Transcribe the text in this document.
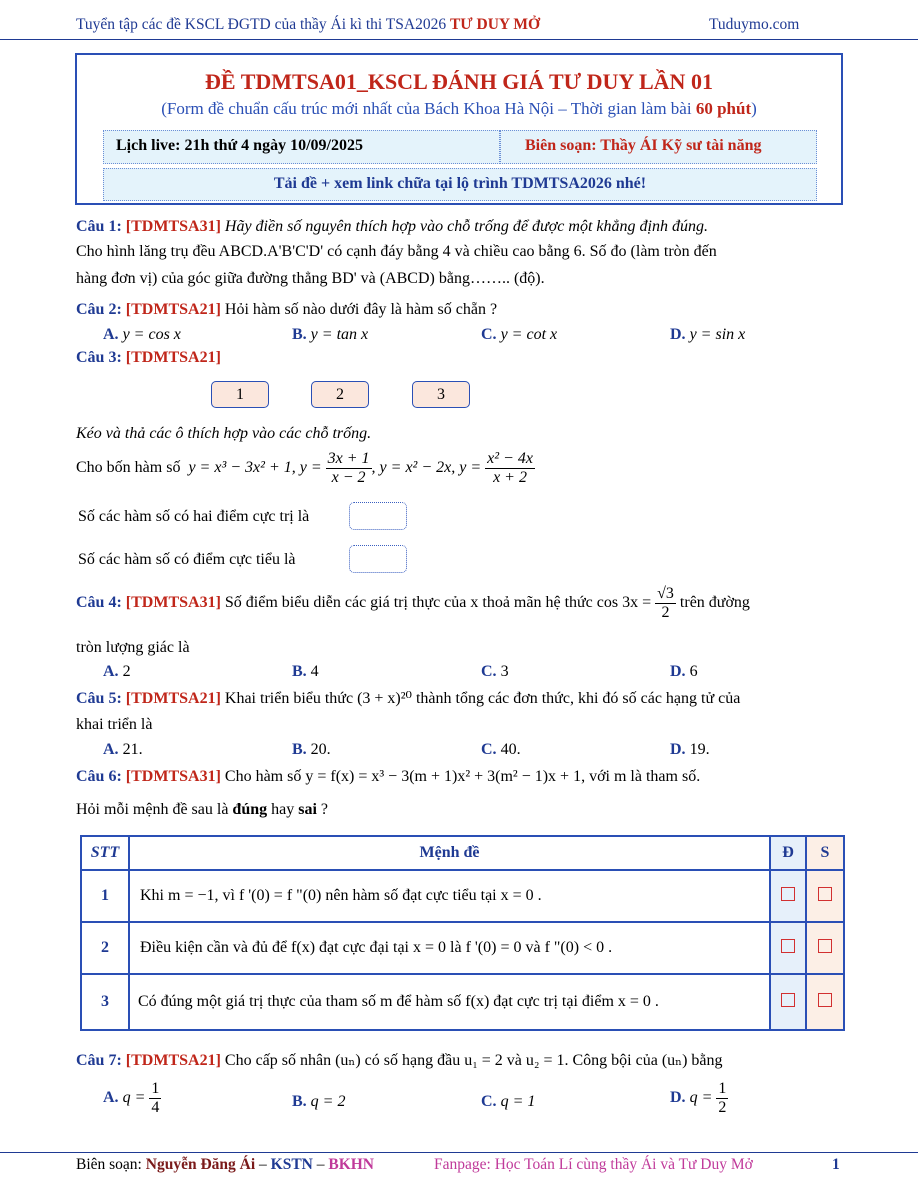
Tuyển tập các đề KSCL ĐGTD của thầy Ái kì thi TSA2026 TƯ DUY MỞ	Tuduymo.com
ĐỀ TDMTSA01_KSCL ĐÁNH GIÁ TƯ DUY LẦN 01
(Form đề chuẩn cấu trúc mới nhất của Bách Khoa Hà Nội – Thời gian làm bài 60 phút)
Lịch live: 21h thứ 4 ngày 10/09/2025	Biên soạn: Thầy ÁI Kỹ sư tài năng
Tải đề + xem link chữa tại lộ trình TDMTSA2026 nhé!
Câu 1: [TDMTSA31] Hãy điền số nguyên thích hợp vào chỗ trống để được một khẳng định đúng.
Cho hình lăng trụ đều ABCD.A'B'C'D' có cạnh đáy bằng 4 và chiều cao bằng 6. Số đo (làm tròn đến
hàng đơn vị) của góc giữa đường thẳng BD' và (ABCD) bằng…….. (độ).
Câu 2: [TDMTSA21] Hỏi hàm số nào dưới đây là hàm số chẵn ?
A. y = cos x	B. y = tan x	C. y = cot x	D. y = sin x
Câu 3: [TDMTSA21]
1	2	3
Kéo và thả các ô thích hợp vào các chỗ trống.
Cho bốn hàm số y = x³ − 3x² + 1, $y = \frac{3x + 1}{x - 2}$ , y = x² − 2x, $y = \frac{\text{x² − 4x}}{x + 2}$
Số các hàm số có hai điểm cực trị là
Số các hàm số có điểm cực tiểu là
Câu 4: [TDMTSA31] Số điểm biểu diễn các giá trị thực của x thoả mãn hệ thức $\cos 3x = \frac{√3}{2}$ trên đường
tròn lượng giác là
A. 2	B. 4	C. 3	D. 6
Câu 5: [TDMTSA21] Khai triển biểu thức (3 + x)²⁰ thành tổng các đơn thức, khi đó số các hạng tử của
khai triển là
A. 21.	B. 20.	C. 40.	D. 19.
Câu 6: [TDMTSA31] Cho hàm số y = f(x) = x³ − 3(m + 1)x² + 3(m² − 1)x + 1, với m là tham số.
Hỏi mỗi mệnh đề sau là đúng hay sai ?
STT	Mệnh đề	Đ	S
1	Khi m = −1, vì f '(0) = f "(0) nên hàm số đạt cực tiểu tại x = 0 .		
2	Điều kiện cần và đủ để f(x) đạt cực đại tại x = 0 là f '(0) = 0 và f "(0) < 0 .		
3	Có đúng một giá trị thực của tham số m để hàm số f(x) đạt cực trị tại điểm x = 0 .		
Câu 7: [TDMTSA21] Cho cấp số nhân (uₙ) có số hạng đầu u₁ = 2 và u₂ = 1. Công bội của (uₙ) bằng
A. $q = \frac{1}{4}$	B. q = 2	C. q = 1	D. $q = \frac{1}{2}$
Biên soạn: Nguyễn Đăng Ái – KSTN – BKHN	Fanpage: Học Toán Lí cùng thầy Ái và Tư Duy Mở	1
